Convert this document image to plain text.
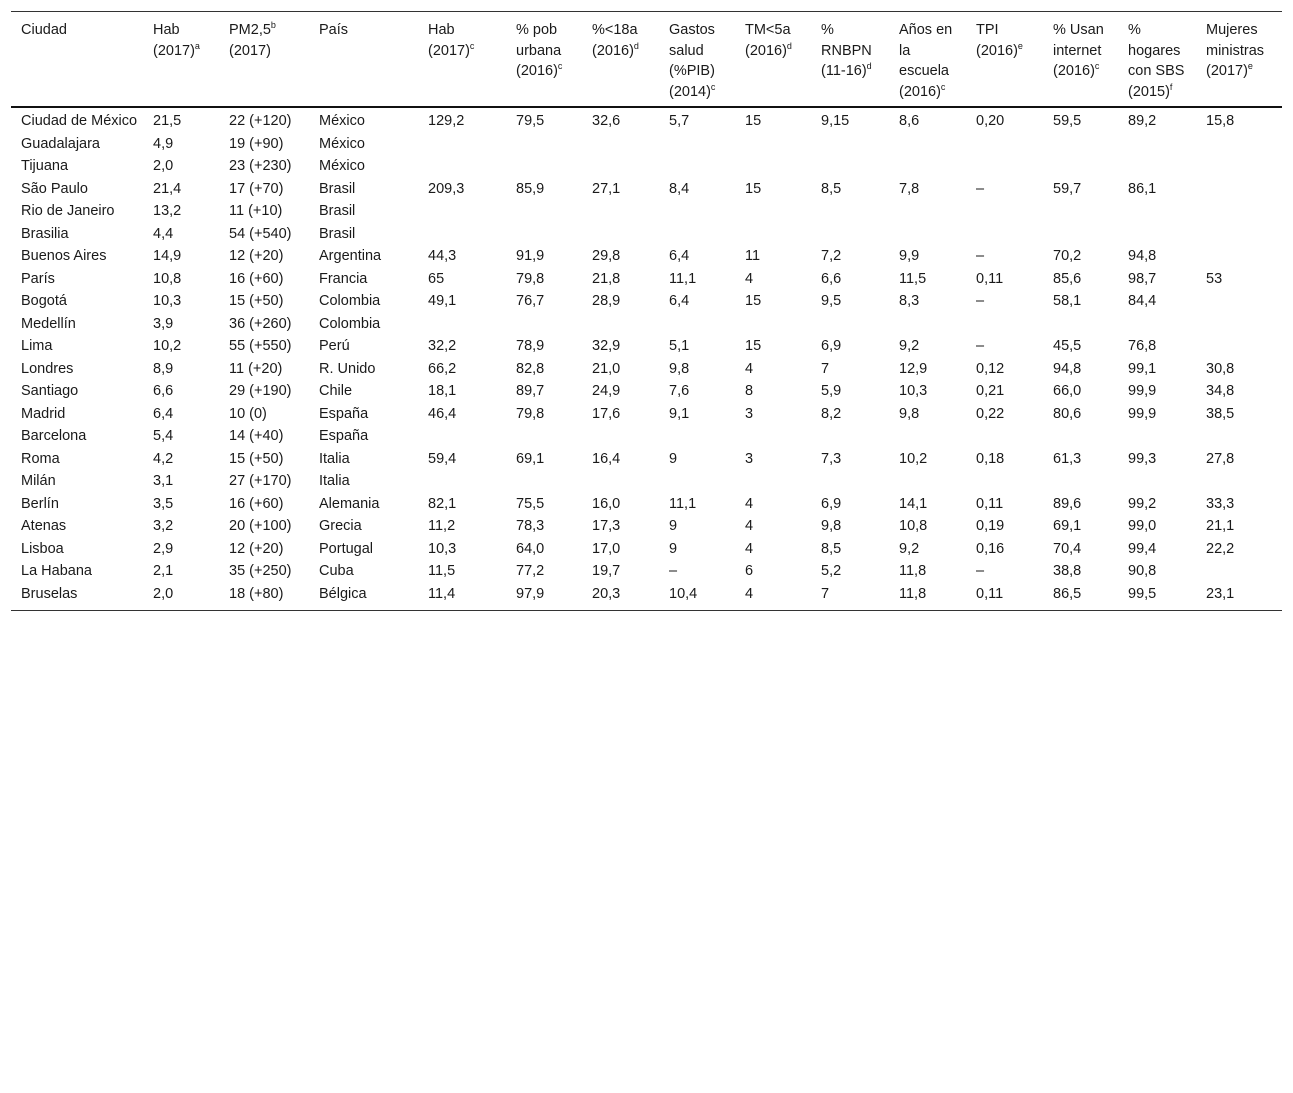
Ciudad	Hab $(2017)^a$	PM2,5$^b$ (2017)	País	Hab $(2017)^c$	% pob urbana $(2016)^c$	%<18a $(2016)^d$	Gastos salud (%PIB) $(2014)^c$	TM<5a $(2016)^d$	% RNBPN $(11-16)^d$	Años en la escuela $(2016)^c$	TPI $(2016)^e$	% Usan internet $(2016)^c$	% hogares con SBS $(2015)^f$	Mujeres ministras $(2017)^e$
Ciudad de México	21,5	22 (+120)	México	129,2	79,5	32,6	5,7	15	9,15	8,6	0,20	59,5	89,2	15,8
Guadalajara	4,9	19 (+90)	México											
Tijuana	2,0	23 (+230)	México											
São Paulo	21,4	17 (+70)	Brasil	209,3	85,9	27,1	8,4	15	8,5	7,8	–	59,7	86,1	
Rio de Janeiro	13,2	11 (+10)	Brasil											
Brasilia	4,4	54 (+540)	Brasil											
Buenos Aires	14,9	12 (+20)	Argentina	44,3	91,9	29,8	6,4	11	7,2	9,9	–	70,2	94,8	
París	10,8	16 (+60)	Francia	65	79,8	21,8	11,1	4	6,6	11,5	0,11	85,6	98,7	53
Bogotá	10,3	15 (+50)	Colombia	49,1	76,7	28,9	6,4	15	9,5	8,3	–	58,1	84,4	
Medellín	3,9	36 (+260)	Colombia											
Lima	10,2	55 (+550)	Perú	32,2	78,9	32,9	5,1	15	6,9	9,2	–	45,5	76,8	
Londres	8,9	11 (+20)	R. Unido	66,2	82,8	21,0	9,8	4	7	12,9	0,12	94,8	99,1	30,8
Santiago	6,6	29 (+190)	Chile	18,1	89,7	24,9	7,6	8	5,9	10,3	0,21	66,0	99,9	34,8
Madrid	6,4	10 (0)	España	46,4	79,8	17,6	9,1	3	8,2	9,8	0,22	80,6	99,9	38,5
Barcelona	5,4	14 (+40)	España											
Roma	4,2	15 (+50)	Italia	59,4	69,1	16,4	9	3	7,3	10,2	0,18	61,3	99,3	27,8
Milán	3,1	27 (+170)	Italia											
Berlín	3,5	16 (+60)	Alemania	82,1	75,5	16,0	11,1	4	6,9	14,1	0,11	89,6	99,2	33,3
Atenas	3,2	20 (+100)	Grecia	11,2	78,3	17,3	9	4	9,8	10,8	0,19	69,1	99,0	21,1
Lisboa	2,9	12 (+20)	Portugal	10,3	64,0	17,0	9	4	8,5	9,2	0,16	70,4	99,4	22,2
La Habana	2,1	35 (+250)	Cuba	11,5	77,2	19,7	–	6	5,2	11,8	–	38,8	90,8	
Bruselas	2,0	18 (+80)	Bélgica	11,4	97,9	20,3	10,4	4	7	11,8	0,11	86,5	99,5	23,1
